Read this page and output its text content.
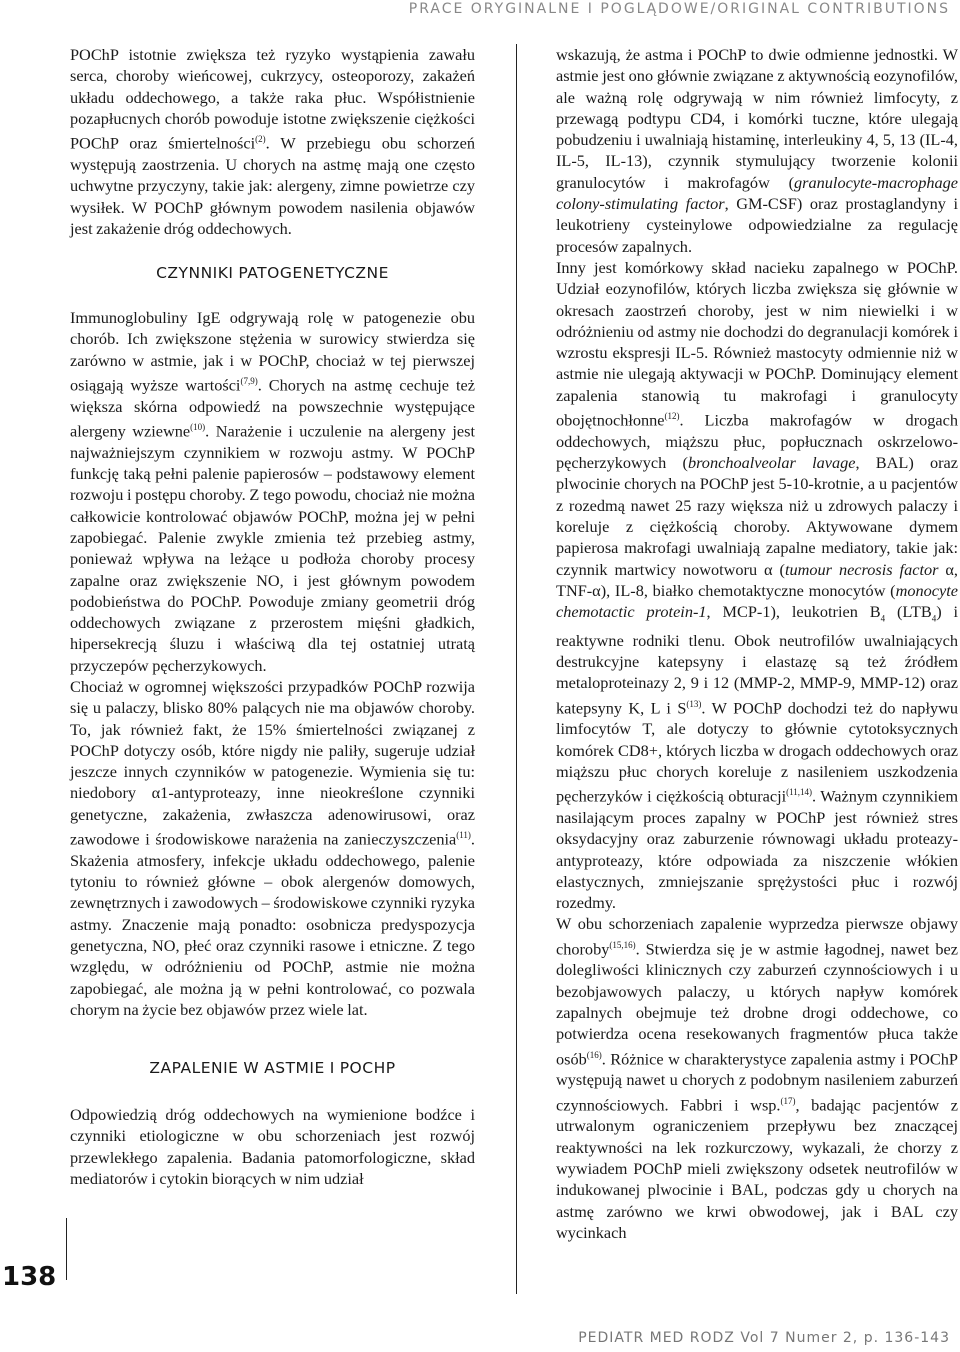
PRACE ORYGINALNE I POGLĄDOWE/ORIGINAL CONTRIBUTIONS
138

POChP istotnie zwiększa też ryzyko wystąpienia zawału serca, choroby wieńcowej, cukrzycy, osteoporozy, zakażeń układu oddechowego, a także raka płuc. Współistnienie pozapłucnych chorób powoduje istotne zwiększenie ciężkości POChP oraz śmiertelności$^{(2)}$. W przebiegu obu schorzeń występują zaostrzenia. U chorych na astmę mają one często uchwytne przyczyny, takie jak: alergeny, zimne powietrze czy wysiłek. W POChP głównym powodem nasilenia objawów jest zakażenie dróg oddechowych.

CZYNNIKI PATOGENETYCZNE

Immunoglobuliny IgE odgrywają rolę w patogenezie obu chorób. Ich zwiększone stężenia w surowicy stwierdza się zarówno w astmie, jak i w POChP, chociaż w tej pierwszej osiągają wyższe wartości$^{(7,9)}$. Chorych na astmę cechuje też większa skórna odpowiedź na powszechnie występujące alergeny wziewne$^{(10)}$. Narażenie i uczulenie na alergeny jest najważniejszym czynnikiem w rozwoju astmy. W POChP funkcję taką pełni palenie papierosów – podstawowy element rozwoju i postępu choroby. Z tego powodu, chociaż nie można całkowicie kontrolować objawów POChP, można jej w pełni zapobiegać. Palenie zwykle zmienia też przebieg astmy, ponieważ wpływa na leżące u podłoża choroby procesy zapalne oraz zwiększenie NO, i jest głównym powodem podobieństwa do POChP. Powoduje zmiany geometrii dróg oddechowych związane z przerostem mięśni gładkich, hipersekrecją śluzu i właściwą dla tej ostatniej utratą przyczepów pęcherzykowych.

Chociaż w ogromnej większości przypadków POChP rozwija się u palaczy, blisko 80% palących nie ma objawów choroby. To, jak również fakt, że 15% śmiertelności związanej z POChP dotyczy osób, które nigdy nie paliły, sugeruje udział jeszcze innych czynników w patogenezie. Wymienia się tu: niedobory α1-antyproteazy, inne nieokreślone czynniki genetyczne, zakażenia, zwłaszcza adenowirusowi, oraz zawodowe i środowiskowe narażenia na zanieczyszczenia$^{(11)}$. Skażenia atmosfery, infekcje układu oddechowego, palenie tytoniu to również główne – obok alergenów domowych, zewnętrznych i zawodowych – środowiskowe czynniki ryzyka astmy. Znaczenie mają ponadto: osobnicza predyspozycja genetyczna, NO, płeć oraz czynniki rasowe i etniczne. Z tego względu, w odróżnieniu od POChP, astmie nie można zapobiegać, ale można ją w pełni kontrolować, co pozwala chorym na życie bez objawów przez wiele lat.

ZAPALENIE W ASTMIE I POCHP

Odpowiedzią dróg oddechowych na wymienione bodźce i czynniki etiologiczne w obu schorzeniach jest rozwój przewlekłego zapalenia. Badania patomorfologiczne, skład mediatorów i cytokin biorących w nim udział

wskazują, że astma i POChP to dwie odmienne jednostki. W astmie jest ono głównie związane z aktywnością eozynofilów, ale ważną rolę odgrywają w nim również limfocyty, z przewagą podtypu CD4, i komórki tuczne, które ulegają pobudzeniu i uwalniają histaminę, interleukiny 4, 5, 13 (IL-4, IL-5, IL-13), czynnik stymulujący tworzenie kolonii granulocytów i makrofagów (granulocyte-macrophage colony-stimulating factor, GM-CSF) oraz prostaglandyny i leukotrieny cysteinylowe odpowiedzialne za regulację procesów zapalnych.

Inny jest komórkowy skład nacieku zapalnego w POChP. Udział eozynofilów, których liczba zwiększa się głównie w okresach zaostrzeń choroby, jest w nim niewielki i w odróżnieniu od astmy nie dochodzi do degranulacji komórek i wzrostu ekspresji IL-5. Również mastocyty odmiennie niż w astmie nie ulegają aktywacji w POChP. Dominujący element zapalenia stanowią tu makrofagi i granulocyty obojętnochłonne$^{(12)}$. Liczba makrofagów w drogach oddechowych, miąższu płuc, popłucznach oskrzelowo-pęcherzykowych (bronchoalveolar lavage, BAL) oraz plwocinie chorych na POChP jest 5-10-krotnie, a u pacjentów z rozedmą nawet 25 razy większa niż u zdrowych palaczy i koreluje z ciężkością choroby. Aktywowane dymem papierosa makrofagi uwalniają zapalne mediatory, takie jak: czynnik martwicy nowotworu α (tumour necrosis factor α, TNF-α), IL-8, białko chemotaktyczne monocytów (monocyte chemotactic protein-1, MCP-1), leukotrien $B_4$ $(LTB_4)$ i reaktywne rodniki tlenu. Obok neutrofilów uwalniających destrukcyjne katepsyny i elastazę są też źródłem metaloproteinazy 2, 9 i 12 (MMP-2, MMP-9, MMP-12) oraz katepsyny K, L i $S^{(13)}$. W POChP dochodzi też do napływu limfocytów T, ale dotyczy to głównie cytotoksycznych komórek CD8+, których liczba w drogach oddechowych oraz miąższu płuc chorych koreluje z nasileniem uszkodzenia pęcherzyków i ciężkością obturacji$^{(11,14)}$. Ważnym czynnikiem nasilającym proces zapalny w POChP jest również stres oksydacyjny oraz zaburzenie równowagi układu proteazy-antyproteazy, które odpowiada za niszczenie włókien elastycznych, zmniejszanie sprężystości płuc i rozwój rozedmy.

W obu schorzeniach zapalenie wyprzedza pierwsze objawy choroby$^{(15,16)}$. Stwierdza się je w astmie łagodnej, nawet bez dolegliwości klinicznych czy zaburzeń czynnościowych i u bezobjawowych palaczy, u których napływ komórek zapalnych obejmuje też drobne drogi oddechowe, co potwierdza ocena resekowanych fragmentów płuca także osób$^{(16)}$. Różnice w charakterystyce zapalenia astmy i POChP występują nawet u chorych z podobnym nasileniem zaburzeń czynnościowych. Fabbri i wsp.$^{(17)}$, badając pacjentów z utrwalonym ograniczeniem przepływu bez znaczącej reaktywności na lek rozkurczowy, wykazali, że chorzy z wywiadem POChP mieli zwiększony odsetek neutrofilów w indukowanej plwocinie i BAL, podczas gdy u chorych na astmę zarówno we krwi obwodowej, jak i BAL czy wycinkach

PEDIATR MED RODZ Vol 7 Numer 2, p. 136-143
